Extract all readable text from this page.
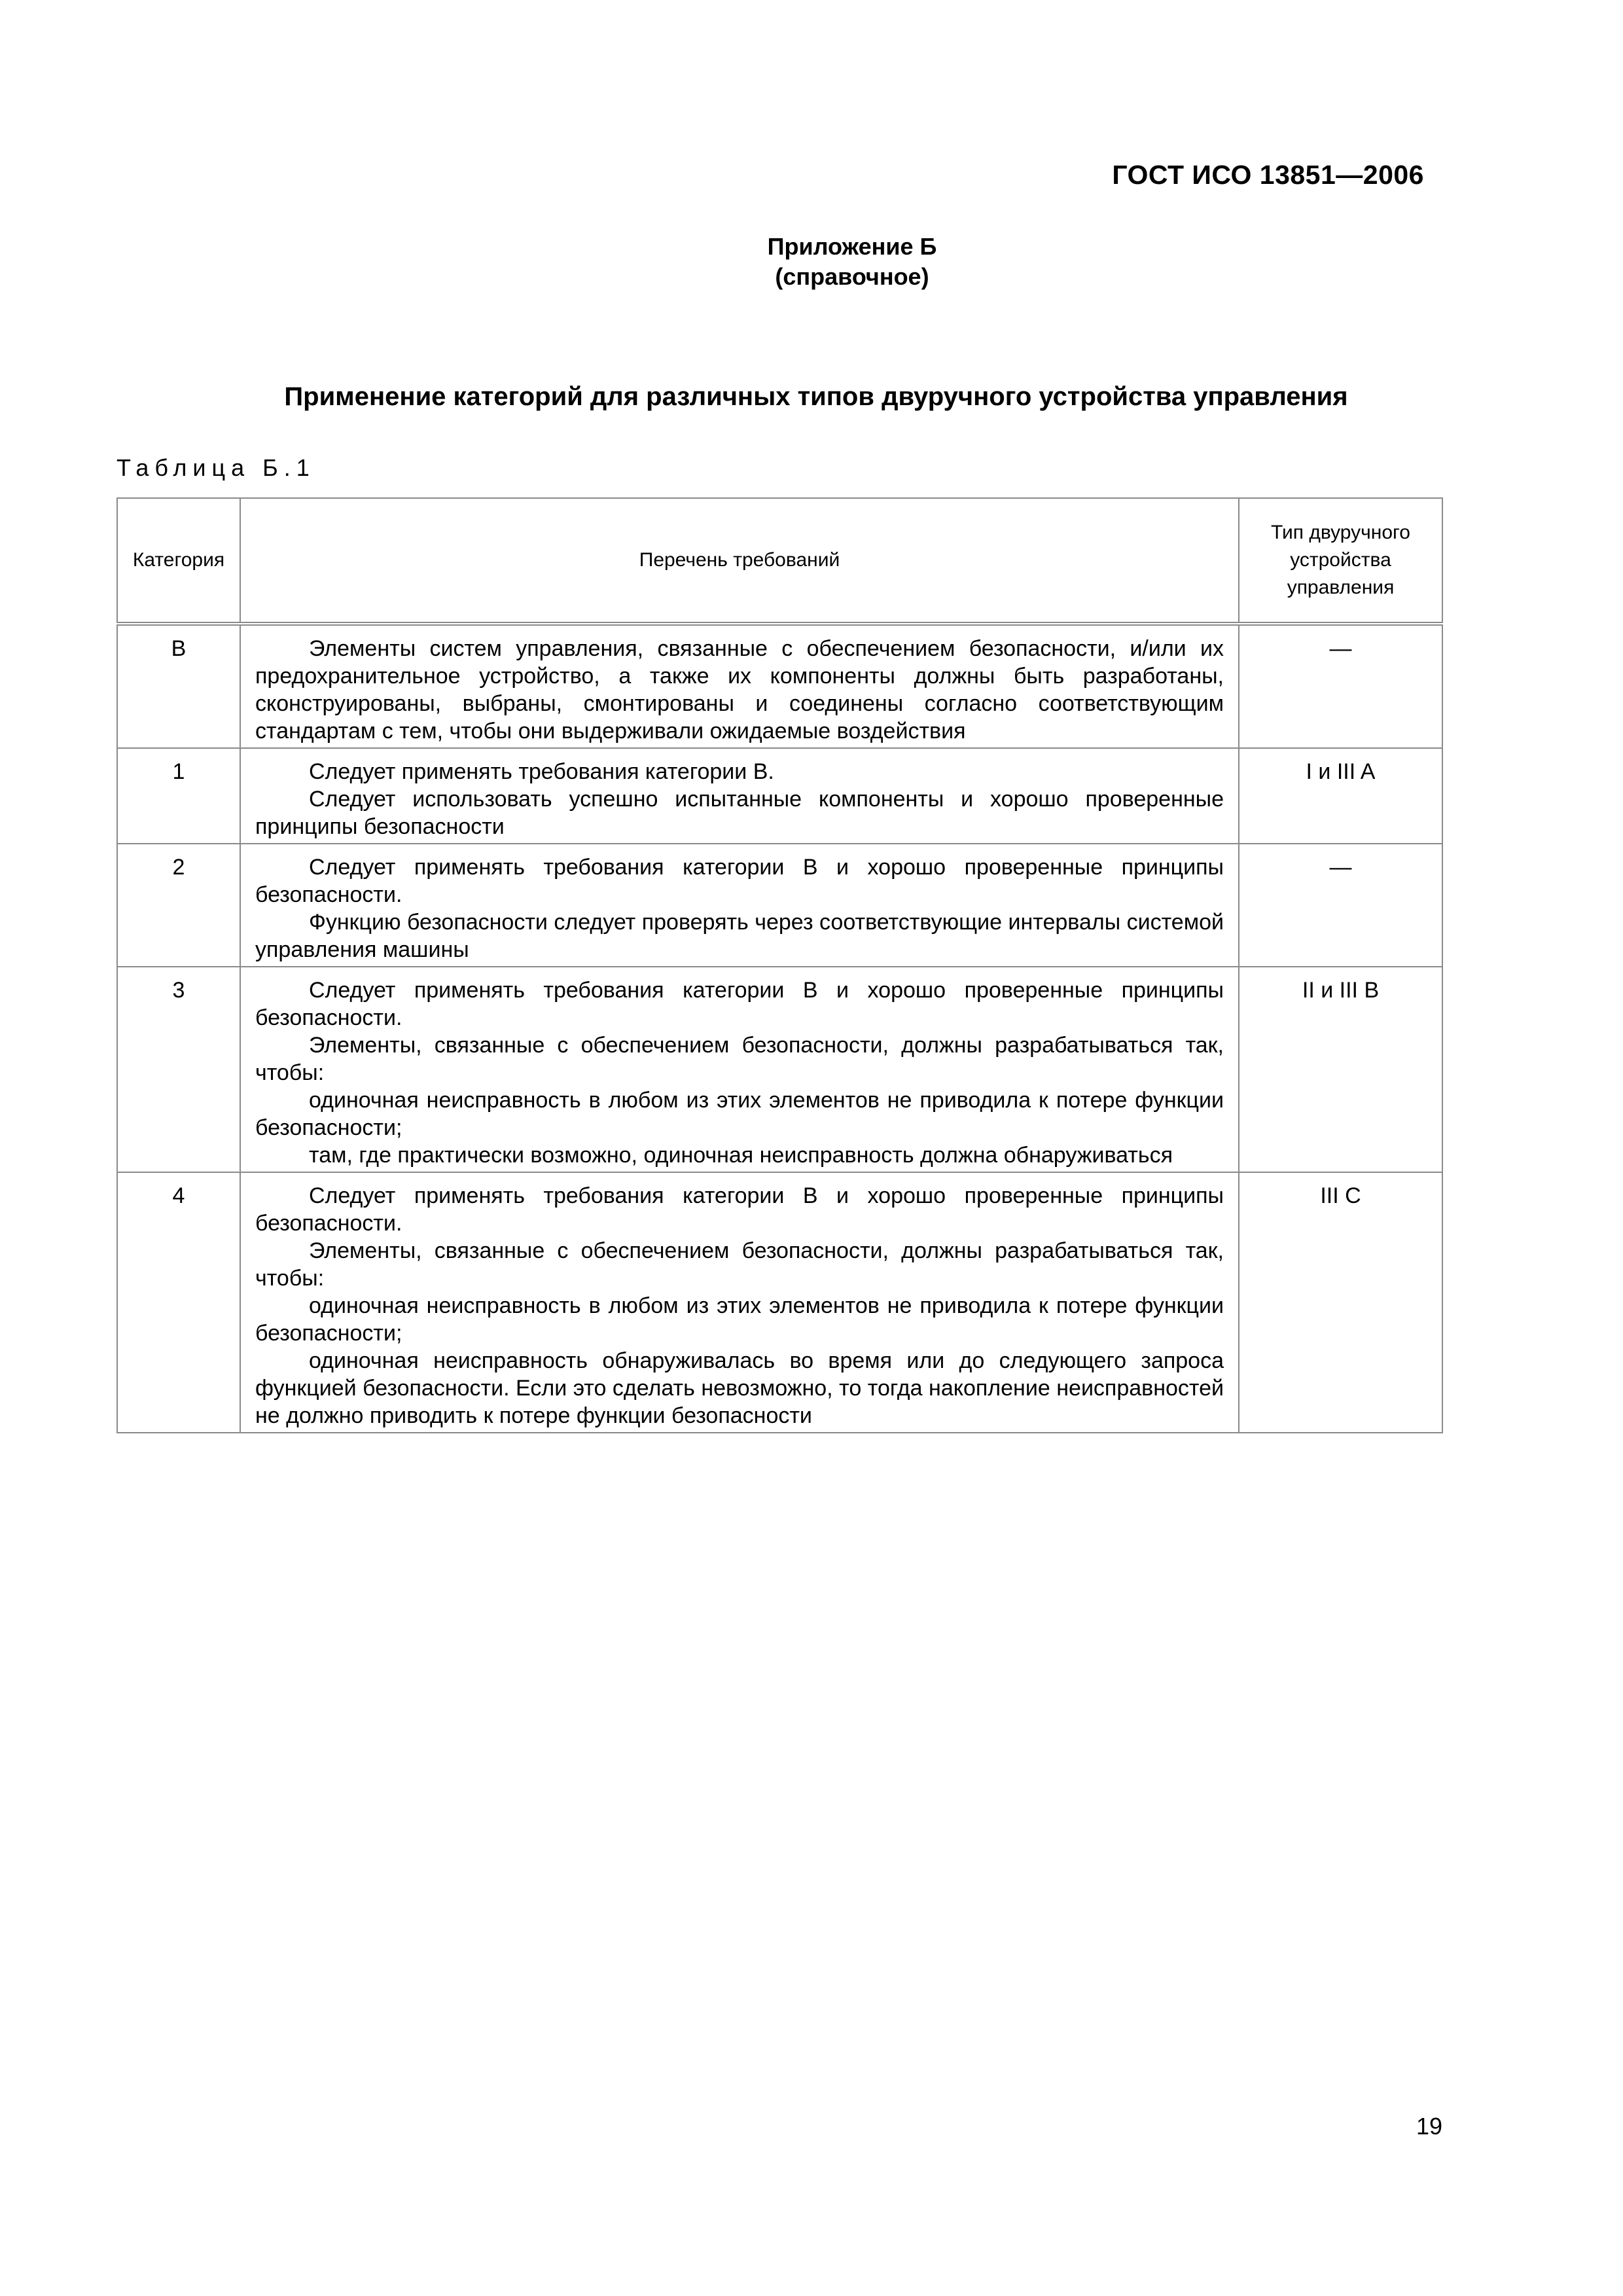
ГОСТ ИСО 13851—2006
Приложение Б
(справочное)
Применение категорий для различных типов двуручного устройства управления
Таблица Б.1
Категория	Перечень требований	Тип двуручного устройства управления
B	Элементы систем управления, связанные с обеспечением безопасности, и/или их предохранительное устройство, а также их компоненты должны быть разработаны, сконструированы, выбраны, смонтированы и соединены согласно соответствующим стандартам с тем, чтобы они выдерживали ожидаемые воздействия	—
1	Следует применять требования категории В.

Следует использовать успешно испытанные компоненты и хорошо проверенные принципы безопасности	I и III A
2	Следует применять требования категории В и хорошо проверенные принципы безопасности.

Функцию безопасности следует проверять через соответствующие интервалы системой управления машины	—
3	Следует применять требования категории В и хорошо проверенные принципы безопасности.

Элементы, связанные с обеспечением безопасности, должны разрабатываться так, чтобы:

одиночная неисправность в любом из этих элементов не приводила к потере функции безопасности;

там, где практически возможно, одиночная неисправность должна обнаруживаться	II и III B
4	Следует применять требования категории В и хорошо проверенные принципы безопасности.

Элементы, связанные с обеспечением безопасности, должны разрабатываться так, чтобы:

одиночная неисправность в любом из этих элементов не приводила к потере функции безопасности;

одиночная неисправность обнаруживалась во время или до следующего запроса функцией безопасности. Если это сделать невозможно, то тогда накопление неисправностей не должно приводить к потере функции безопасности	III C
19
